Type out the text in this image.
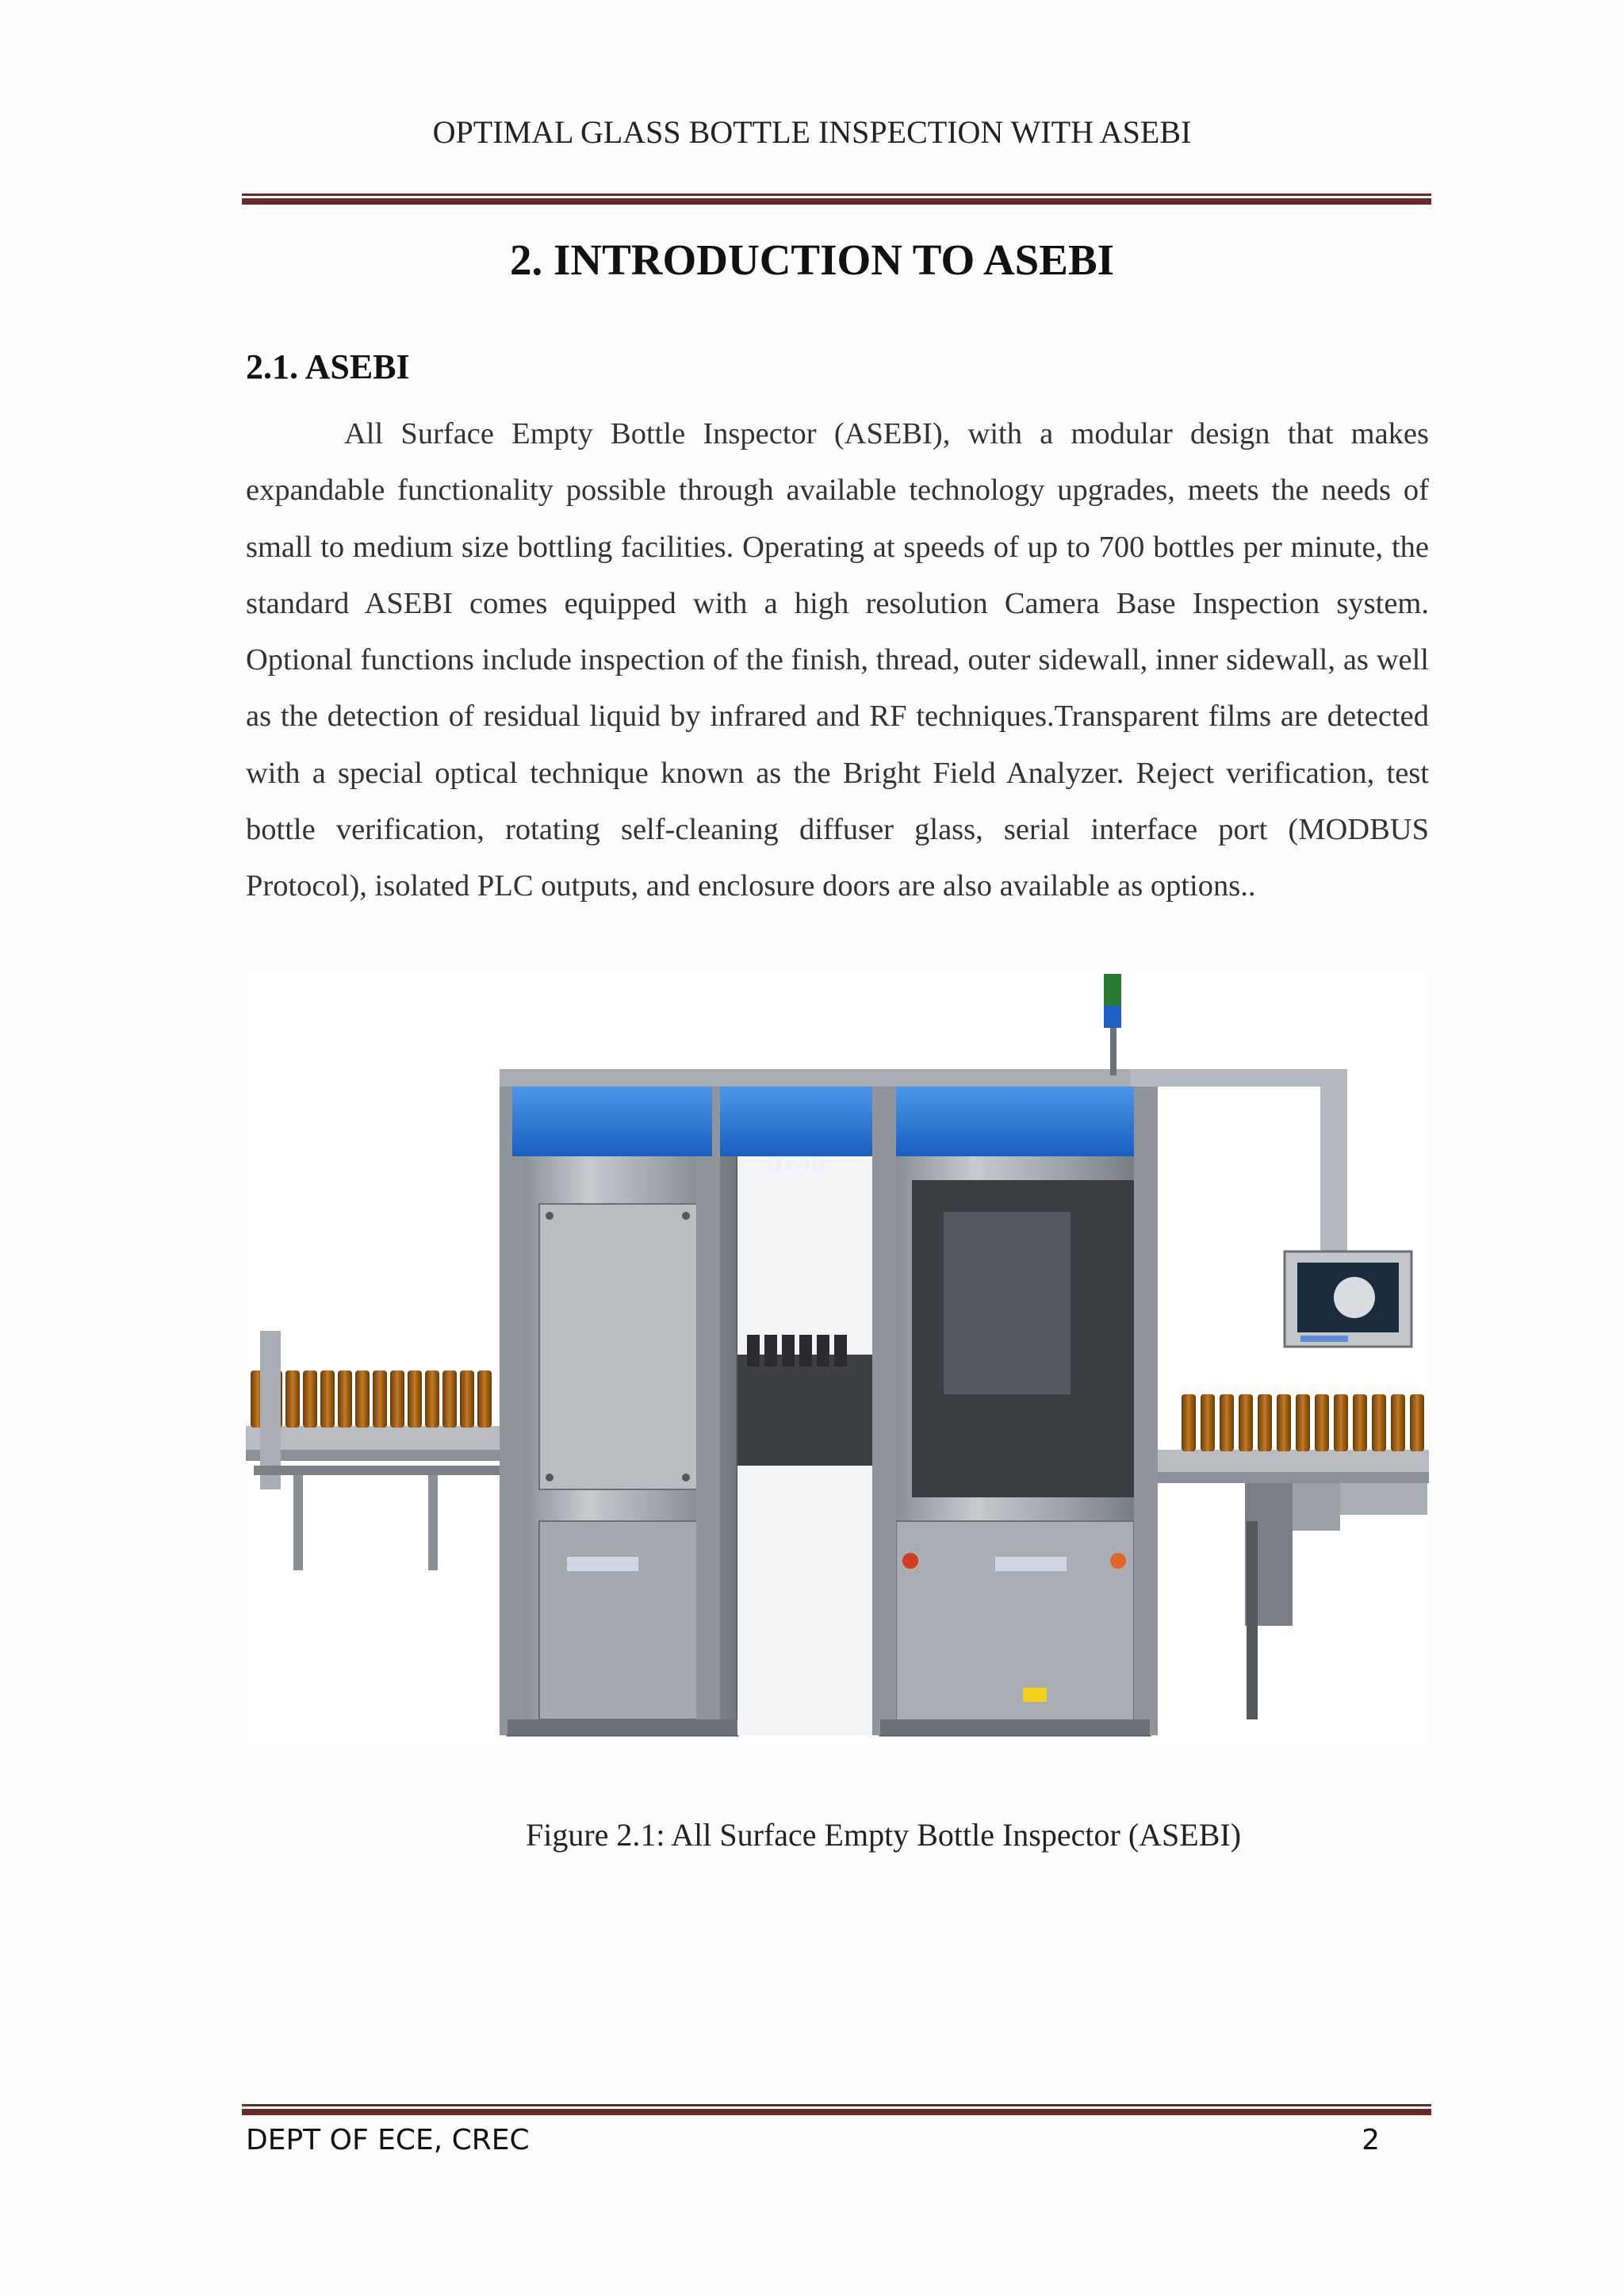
OPTIMAL GLASS BOTTLE INSPECTION WITH ASEBI
2. INTRODUCTION TO ASEBI
2.1. ASEBI

All Surface Empty Bottle Inspector (ASEBI), with a modular design that makes expandable functionality possible through available technology upgrades, meets the needs of small to medium size bottling facilities. Operating at speeds of up to 700 bottles per minute, the standard ASEBI comes equipped with a high resolution Camera Base Inspection system. Optional functions include inspection of the finish, thread, outer sidewall, inner sidewall, as well as the detection of residual liquid by infrared and RF techniques.Transparent films are detected with a special optical technique known as the Bright Field Analyzer. Reject verification, test bottle verification, rotating self-cleaning diffuser glass, serial interface port (MODBUS Protocol), isolated PLC outputs, and enclosure doors are also available as options..

OV-III
Figure 2.1: All Surface Empty Bottle Inspector (ASEBI)
DEPT OF ECE, CREC	2
